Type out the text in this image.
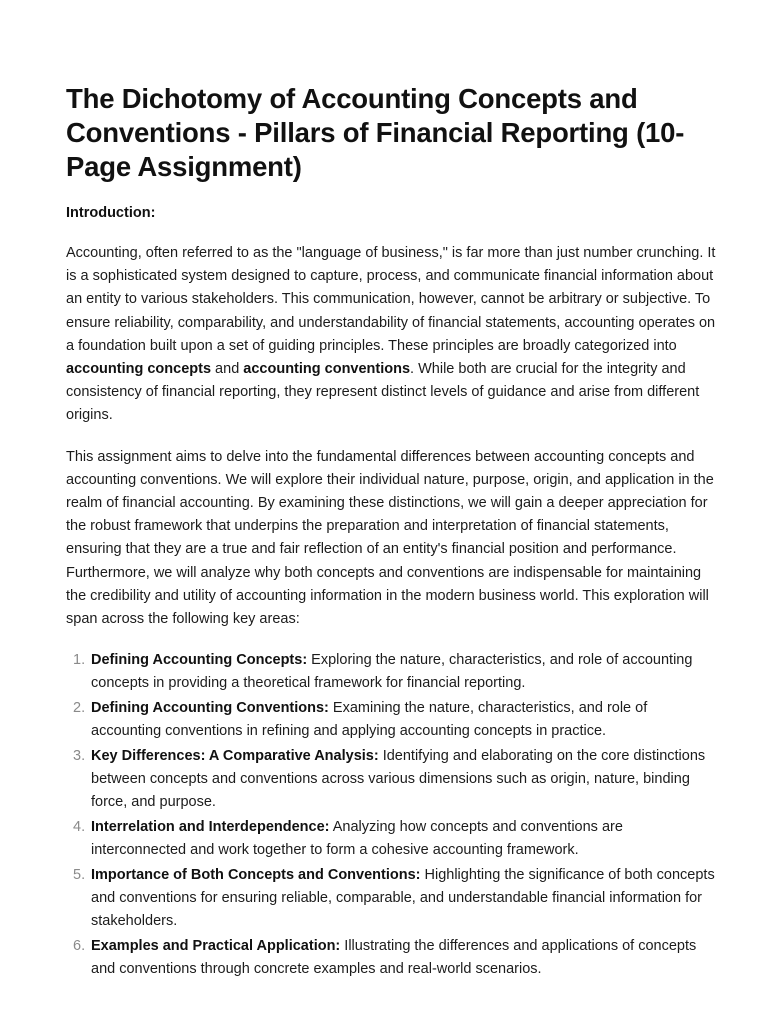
The Dichotomy of Accounting Concepts and Conventions - Pillars of Financial Reporting (10-Page Assignment)
Introduction:

Accounting, often referred to as the "language of business," is far more than just number crunching. It is a sophisticated system designed to capture, process, and communicate financial information about an entity to various stakeholders. This communication, however, cannot be arbitrary or subjective. To ensure reliability, comparability, and understandability of financial statements, accounting operates on a foundation built upon a set of guiding principles. These principles are broadly categorized into accounting concepts and accounting conventions. While both are crucial for the integrity and consistency of financial reporting, they represent distinct levels of guidance and arise from different origins.

This assignment aims to delve into the fundamental differences between accounting concepts and accounting conventions. We will explore their individual nature, purpose, origin, and application in the realm of financial accounting. By examining these distinctions, we will gain a deeper appreciation for the robust framework that underpins the preparation and interpretation of financial statements, ensuring that they are a true and fair reflection of an entity's financial position and performance. Furthermore, we will analyze why both concepts and conventions are indispensable for maintaining the credibility and utility of accounting information in the modern business world. This exploration will span across the following key areas:

1. Defining Accounting Concepts: Exploring the nature, characteristics, and role of accounting concepts in providing a theoretical framework for financial reporting.
2. Defining Accounting Conventions: Examining the nature, characteristics, and role of accounting conventions in refining and applying accounting concepts in practice.
3. Key Differences: A Comparative Analysis: Identifying and elaborating on the core distinctions between concepts and conventions across various dimensions such as origin, nature, binding force, and purpose.
4. Interrelation and Interdependence: Analyzing how concepts and conventions are interconnected and work together to form a cohesive accounting framework.
5. Importance of Both Concepts and Conventions: Highlighting the significance of both concepts and conventions for ensuring reliable, comparable, and understandable financial information for stakeholders.
6. Examples and Practical Application: Illustrating the differences and applications of concepts and conventions through concrete examples and real-world scenarios.
